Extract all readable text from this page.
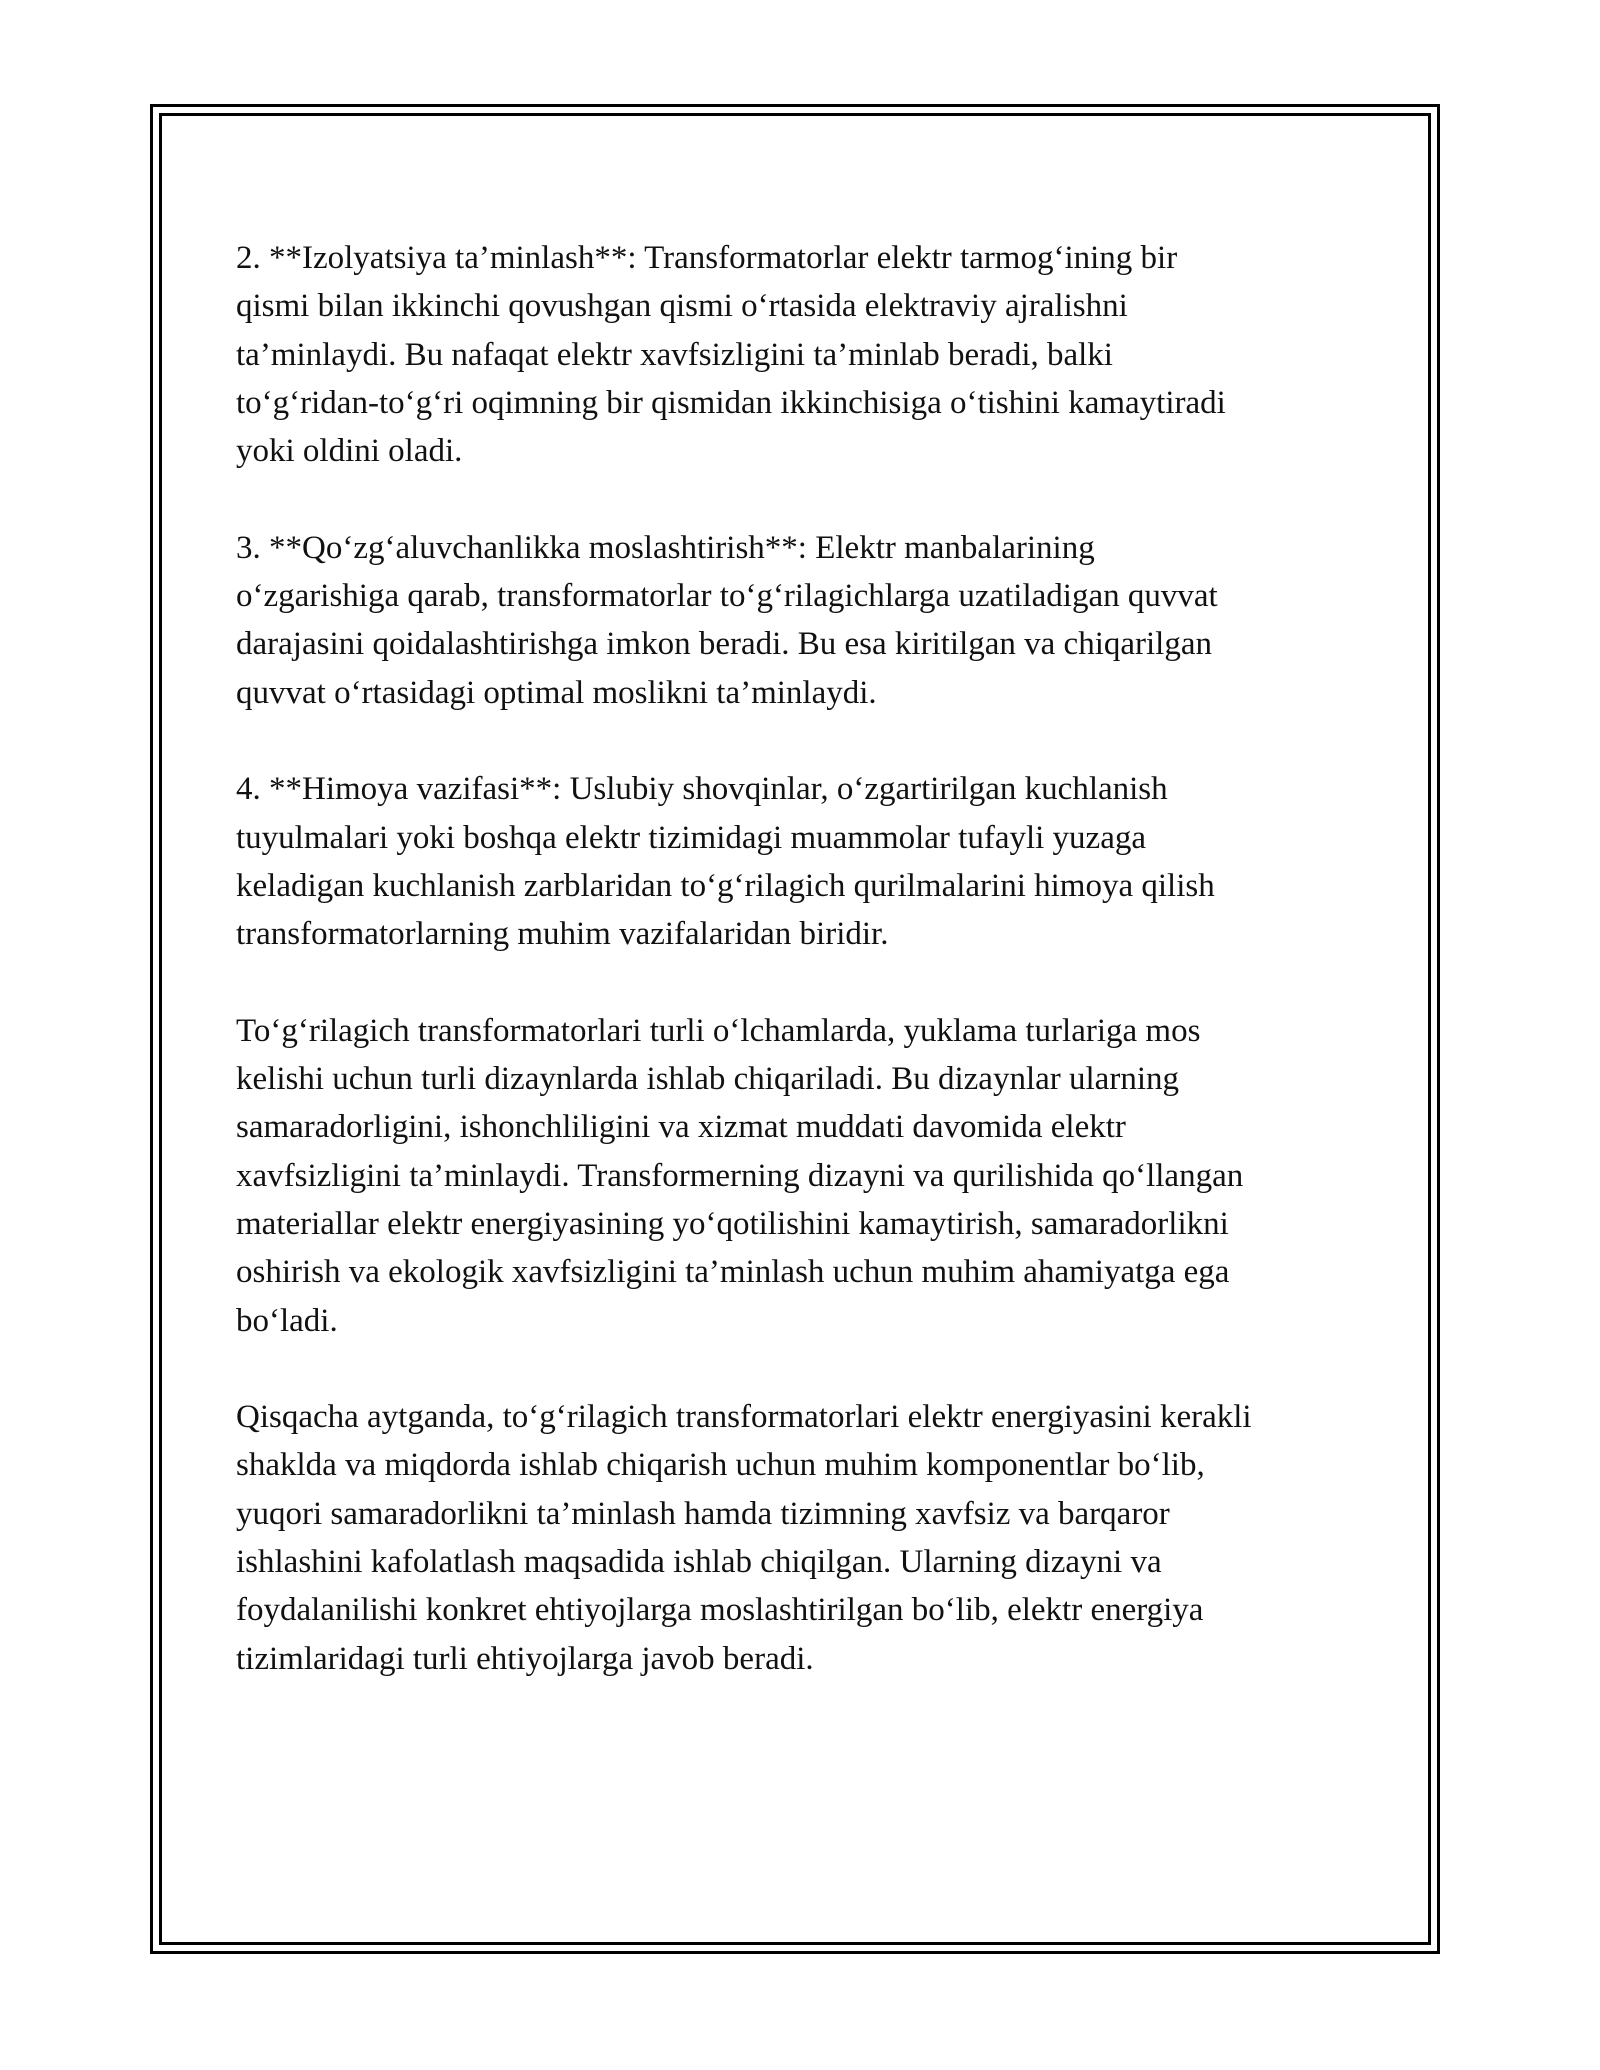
2. **Izolyatsiya ta’minlash**: Transformatorlar elektr tarmog‘ining bir
qismi bilan ikkinchi qovushgan qismi o‘rtasida elektraviy ajralishni
ta’minlaydi. Bu nafaqat elektr xavfsizligini ta’minlab beradi, balki
to‘g‘ridan-to‘g‘ri oqimning bir qismidan ikkinchisiga o‘tishini kamaytiradi
yoki oldini oladi.

3. **Qo‘zg‘aluvchanlikka moslashtirish**: Elektr manbalarining
o‘zgarishiga qarab, transformatorlar to‘g‘rilagichlarga uzatiladigan quvvat
darajasini qoidalashtirishga imkon beradi. Bu esa kiritilgan va chiqarilgan
quvvat o‘rtasidagi optimal moslikni ta’minlaydi.

4. **Himoya vazifasi**: Uslubiy shovqinlar, o‘zgartirilgan kuchlanish
tuyulmalari yoki boshqa elektr tizimidagi muammolar tufayli yuzaga
keladigan kuchlanish zarblaridan to‘g‘rilagich qurilmalarini himoya qilish
transformatorlarning muhim vazifalaridan biridir.

To‘g‘rilagich transformatorlari turli o‘lchamlarda, yuklama turlariga mos
kelishi uchun turli dizaynlarda ishlab chiqariladi. Bu dizaynlar ularning
samaradorligini, ishonchliligini va xizmat muddati davomida elektr
xavfsizligini ta’minlaydi. Transformerning dizayni va qurilishida qo‘llangan
materiallar elektr energiyasining yo‘qotilishini kamaytirish, samaradorlikni
oshirish va ekologik xavfsizligini ta’minlash uchun muhim ahamiyatga ega
bo‘ladi.

Qisqacha aytganda, to‘g‘rilagich transformatorlari elektr energiyasini kerakli
shaklda va miqdorda ishlab chiqarish uchun muhim komponentlar bo‘lib,
yuqori samaradorlikni ta’minlash hamda tizimning xavfsiz va barqaror
ishlashini kafolatlash maqsadida ishlab chiqilgan. Ularning dizayni va
foydalanilishi konkret ehtiyojlarga moslashtirilgan bo‘lib, elektr energiya
tizimlaridagi turli ehtiyojlarga javob beradi.
